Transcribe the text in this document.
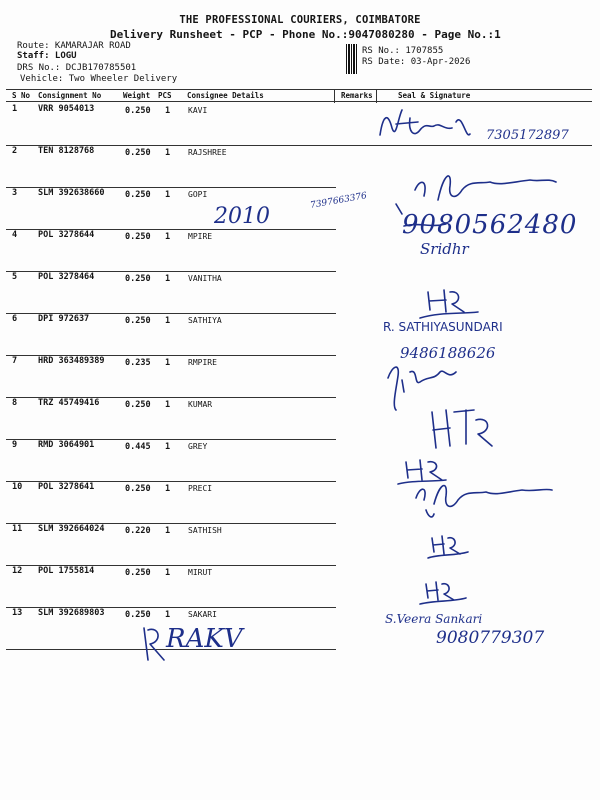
THE PROFESSIONAL COURIERS, COIMBATORE
Delivery Runsheet - PCP - Phone No.:9047080280 - Page No.:1
Route: KAMARAJAR ROAD
Staff: LOGU
DRS No.: DCJB170785501
Vehicle: Two Wheeler Delivery
RS No.: 1707855
RS Date: 03-Apr-2026
S No Consignment No	Weight PCS Consignee Details	Remarks	Seal & Signature
1 VRR 9054013	0.250 1 KAVI
2 TEN 8128768	0.250 1 RAJSHREE
3 SLM 392638660 0.250 1 GOPI
4 POL 3278644	0.250 1 MPIRE
5 POL 3278464	0.250 1 VANITHA
6 DPI 972637	0.250 1 SATHIYA
7 HRD 363489389 0.235 1 RMPIRE
8 TRZ 45749416	0.250 1 KUMAR
9 RMD 3064901	0.445 1 GREY
10 POL 3278641	0.250 1 PRECI
11 SLM 392664024 0.220 1 SATHISH
12 POL 1755814	0.250 1 MIRUT
13 SLM 392689803 0.250 1 SAKARI
7305172897
7397663376
2010	9080562480
Sridhr
R. SATHIYASUNDARI
9486188626
S.Veera Sankari
9080779307
RAKV
